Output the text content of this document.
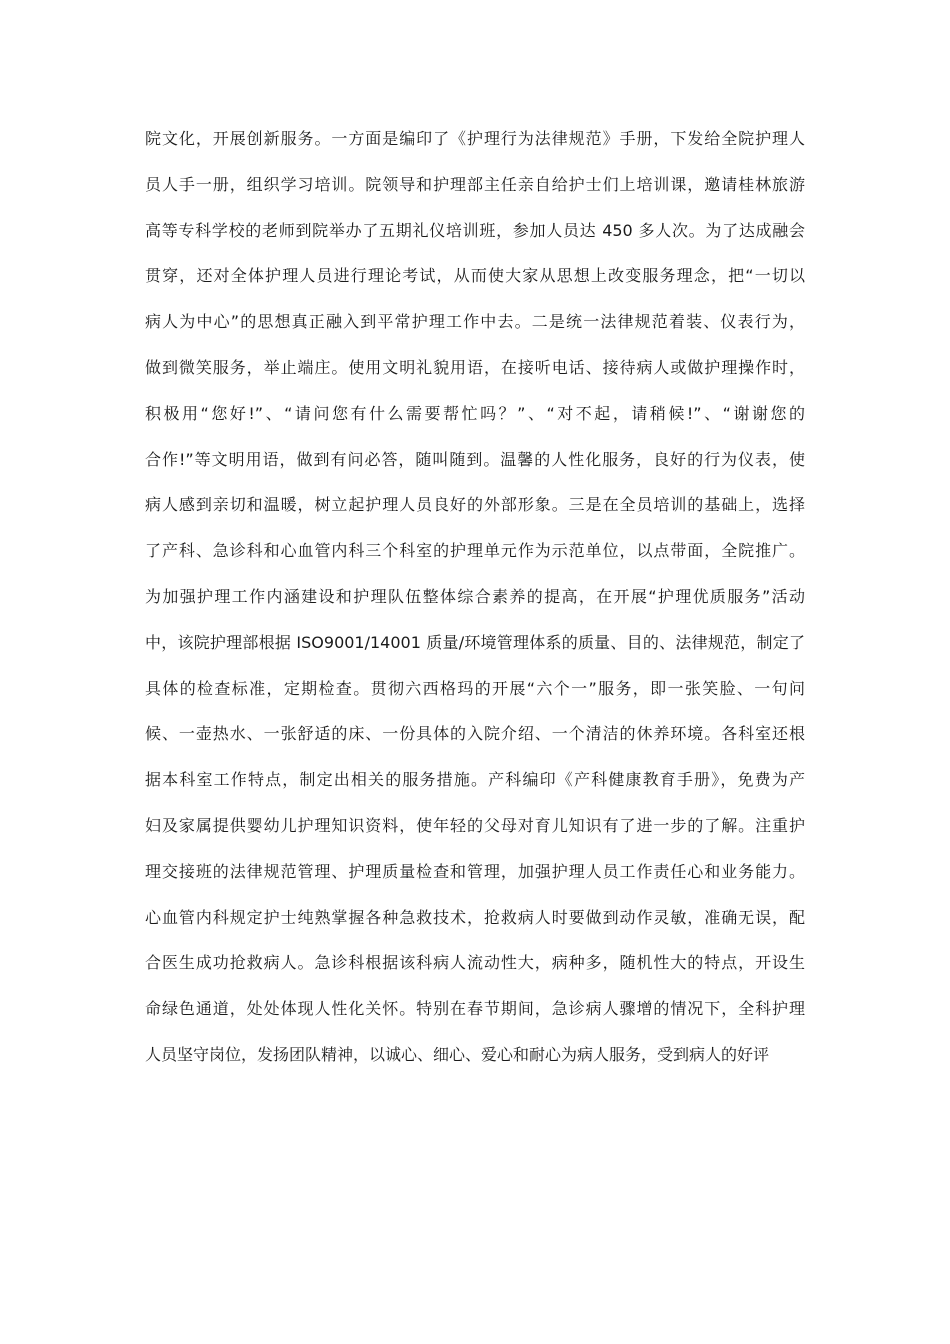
院文化，开展创新服务。一方面是编印了《护理行为法律规范》手册，下发给全院护理人
员人手一册，组织学习培训。院领导和护理部主任亲自给护士们上培训课，邀请桂林旅游
高等专科学校的老师到院举办了五期礼仪培训班，参加人员达 450 多人次。为了达成融会
贯穿，还对全体护理人员进行理论考试，从而使大家从思想上改变服务理念，把“一切以
病人为中心”的思想真正融入到平常护理工作中去。二是统一法律规范着装、仪表行为，
做到微笑服务，举止端庄。使用文明礼貌用语，在接听电话、接待病人或做护理操作时，
积极用“您好!”、“请问您有什么需要帮忙吗？”、“对不起，请稍候!”、“谢谢您的
合作!”等文明用语，做到有问必答，随叫随到。温馨的人性化服务，良好的行为仪表，使
病人感到亲切和温暖，树立起护理人员良好的外部形象。三是在全员培训的基础上，选择
了产科、急诊科和心血管内科三个科室的护理单元作为示范单位，以点带面，全院推广。
为加强护理工作内涵建设和护理队伍整体综合素养的提高，在开展“护理优质服务”活动
中，该院护理部根据 ISO9001/14001 质量/环境管理体系的质量、目的、法律规范，制定了
具体的检查标准，定期检查。贯彻六西格玛的开展“六个一”服务，即一张笑脸、一句问
候、一壶热水、一张舒适的床、一份具体的入院介绍、一个清洁的休养环境。各科室还根
据本科室工作特点，制定出相关的服务措施。产科编印《产科健康教育手册》，免费为产
妇及家属提供婴幼儿护理知识资料，使年轻的父母对育儿知识有了进一步的了解。注重护
理交接班的法律规范管理、护理质量检查和管理，加强护理人员工作责任心和业务能力。
心血管内科规定护士纯熟掌握各种急救技术，抢救病人时要做到动作灵敏，准确无误，配
合医生成功抢救病人。急诊科根据该科病人流动性大，病种多，随机性大的特点，开设生
命绿色通道，处处体现人性化关怀。特别在春节期间，急诊病人骤增的情况下，全科护理
人员坚守岗位，发扬团队精神，以诚心、细心、爱心和耐心为病人服务，受到病人的好评
